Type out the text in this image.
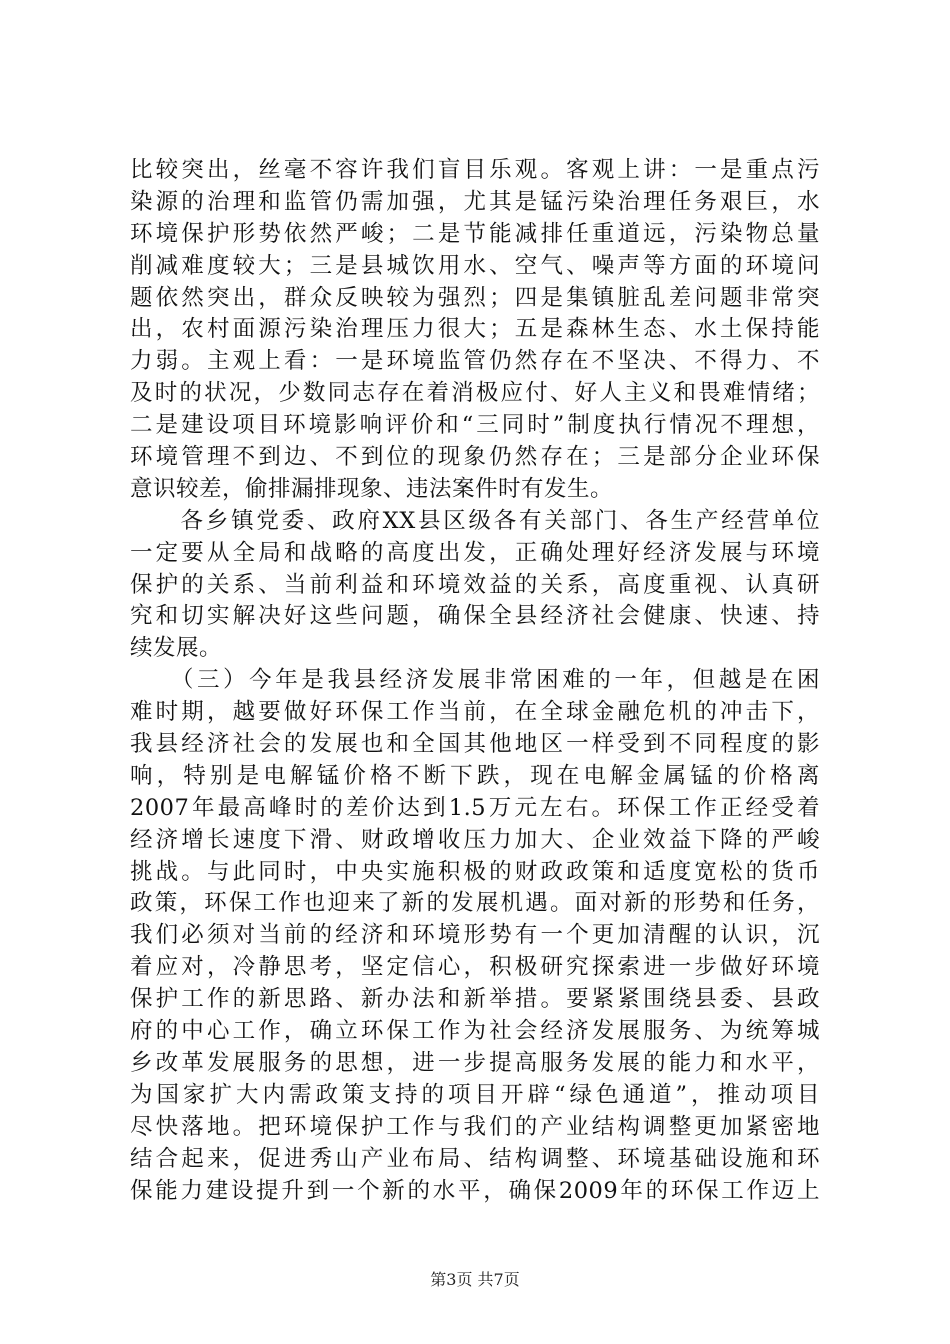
比较突出，丝毫不容许我们盲目乐观。客观上讲：一是重点污
染源的治理和监管仍需加强，尤其是锰污染治理任务艰巨，水
环境保护形势依然严峻；二是节能减排任重道远，污染物总量
削减难度较大；三是县城饮用水、空气、噪声等方面的环境问
题依然突出，群众反映较为强烈；四是集镇脏乱差问题非常突
出，农村面源污染治理压力很大；五是森林生态、水土保持能
力弱。主观上看：一是环境监管仍然存在不坚决、不得力、不
及时的状况，少数同志存在着消极应付、好人主义和畏难情绪；
二是建设项目环境影响评价和“三同时”制度执行情况不理想，
环境管理不到边、不到位的现象仍然存在；三是部分企业环保
意识较差，偷排漏排现象、违法案件时有发生。
　　各乡镇党委、政府XX县区级各有关部门、各生产经营单位
一定要从全局和战略的高度出发，正确处理好经济发展与环境
保护的关系、当前利益和环境效益的关系，高度重视、认真研
究和切实解决好这些问题，确保全县经济社会健康、快速、持
续发展。
　　（三）今年是我县经济发展非常困难的一年，但越是在困
难时期，越要做好环保工作当前，在全球金融危机的冲击下，
我县经济社会的发展也和全国其他地区一样受到不同程度的影
响，特别是电解锰价格不断下跌，现在电解金属锰的价格离
2007年最高峰时的差价达到1.5万元左右。环保工作正经受着
经济增长速度下滑、财政增收压力加大、企业效益下降的严峻
挑战。与此同时，中央实施积极的财政政策和适度宽松的货币
政策，环保工作也迎来了新的发展机遇。面对新的形势和任务，
我们必须对当前的经济和环境形势有一个更加清醒的认识，沉
着应对，冷静思考，坚定信心，积极研究探索进一步做好环境
保护工作的新思路、新办法和新举措。要紧紧围绕县委、县政
府的中心工作，确立环保工作为社会经济发展服务、为统筹城
乡改革发展服务的思想，进一步提高服务发展的能力和水平，
为国家扩大内需政策支持的项目开辟“绿色通道”，推动项目
尽快落地。把环境保护工作与我们的产业结构调整更加紧密地
结合起来，促进秀山产业布局、结构调整、环境基础设施和环
保能力建设提升到一个新的水平，确保2009年的环保工作迈上
第3页 共7页
